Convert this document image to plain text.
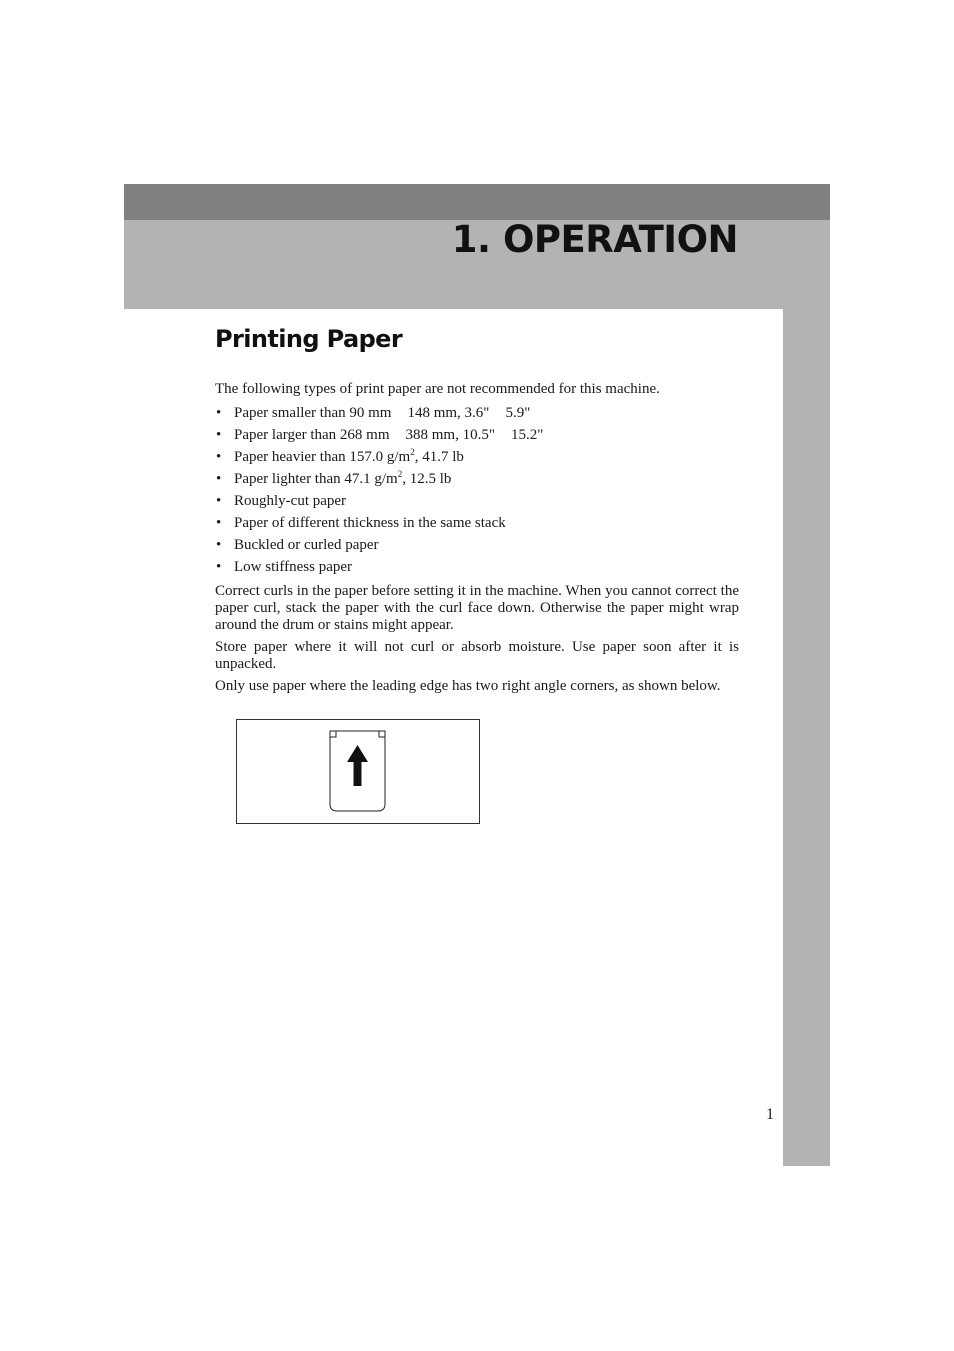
1. OPERATION
Printing Paper

The following types of print paper are not recommended for this machine.

• Paper smaller than 90 mm 148 mm, 3.6" 5.9"
• Paper larger than 268 mm 388 mm, 10.5" 15.2"
• Paper heavier than 157.0 $g/m^2$, 41.7 lb
• Paper lighter than 47.1 $g/m^2$, 12.5 lb
• Roughly-cut paper
• Paper of different thickness in the same stack
• Buckled or curled paper
• Low stiffness paper

Correct curls in the paper before setting it in the machine. When you cannot correct the paper curl, stack the paper with the curl face down. Otherwise the paper might wrap around the drum or stains might appear.

Store paper where it will not curl or absorb moisture. Use paper soon after it is unpacked.

Only use paper where the leading edge has two right angle corners, as shown below.

1
